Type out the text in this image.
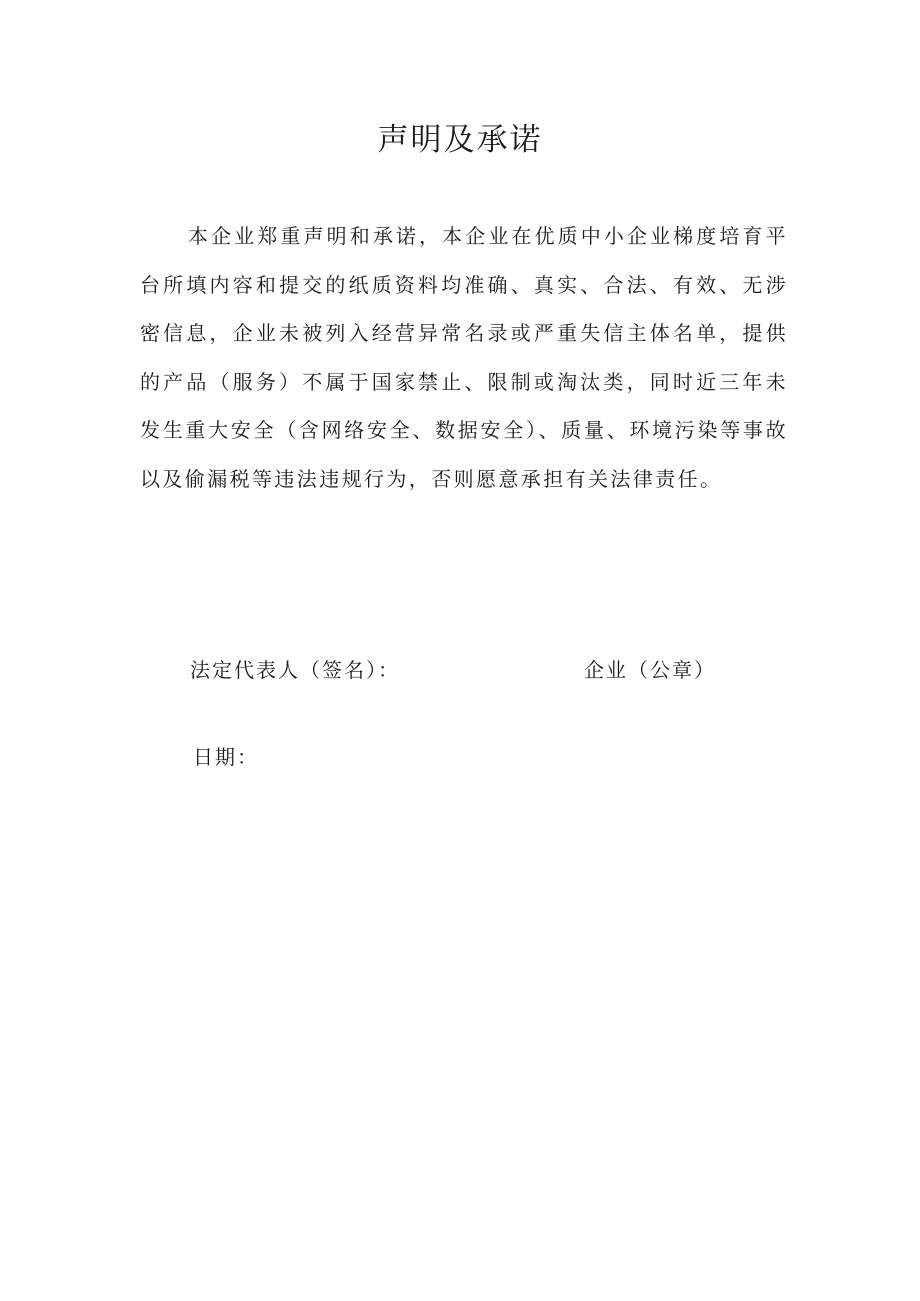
声明及承诺

本企业郑重声明和承诺，本企业在优质中小企业梯度培育平台所填内容和提交的纸质资料均准确、真实、合法、有效、无涉密信息，企业未被列入经营异常名录或严重失信主体名单，提供的产品（服务）不属于国家禁止、限制或淘汰类，同时近三年未发生重大安全（含网络安全、数据安全）、质量、环境污染等事故以及偷漏税等违法违规行为，否则愿意承担有关法律责任。

法定代表人（签名）：	企业（公章）
日期：
